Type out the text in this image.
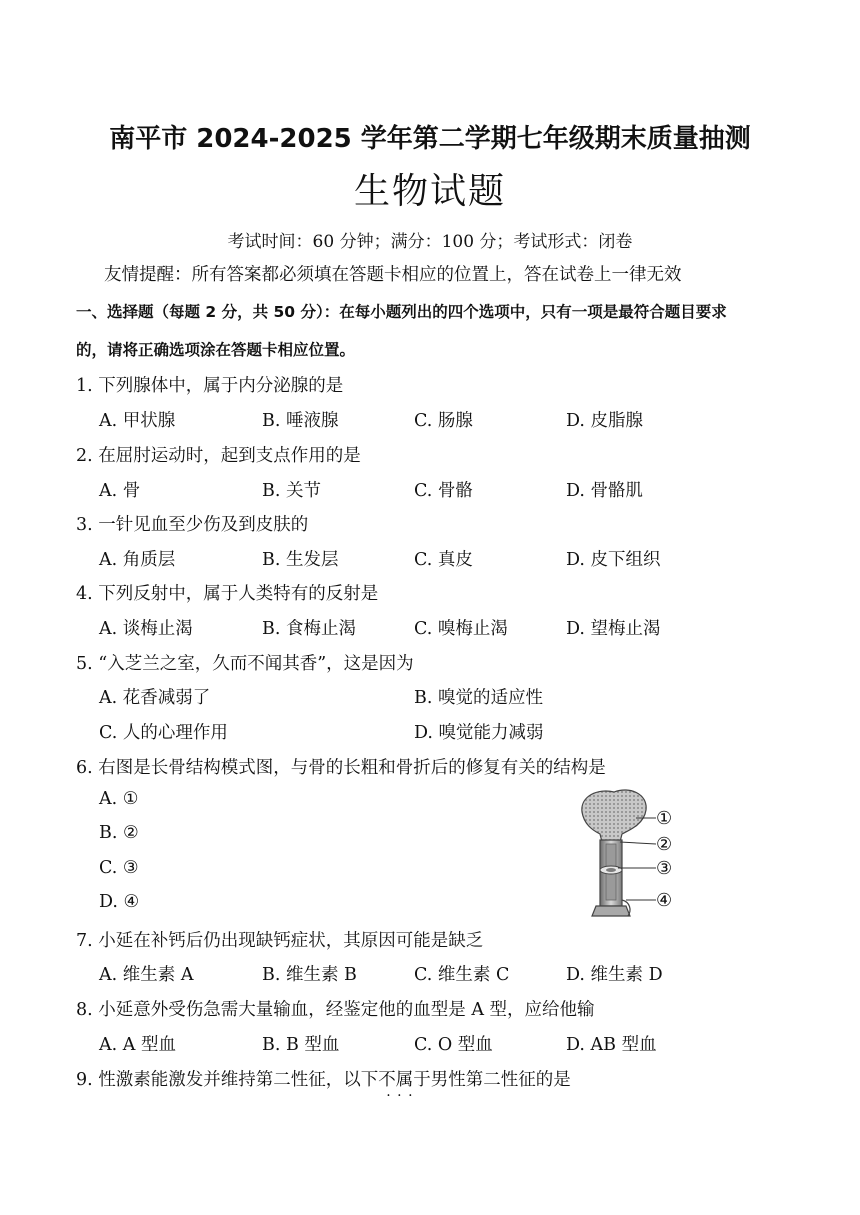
南平市 2024-2025 学年第二学期七年级期末质量抽测
生物试题
考试时间：60 分钟；满分：100 分；考试形式：闭卷
友情提醒：所有答案都必须填在答题卡相应的位置上，答在试卷上一律无效
一、选择题（每题 2 分，共 50 分）：在每小题列出的四个选项中，只有一项是最符合题目要求
的，请将正确选项涂在答题卡相应位置。
1. 下列腺体中，属于内分泌腺的是
A. 甲状腺	B. 唾液腺	C. 肠腺	D. 皮脂腺
2. 在屈肘运动时，起到支点作用的是
A. 骨	B. 关节	C. 骨骼	D. 骨骼肌
3. 一针见血至少伤及到皮肤的
A. 角质层	B. 生发层	C. 真皮	D. 皮下组织
4. 下列反射中，属于人类特有的反射是
A. 谈梅止渴	B. 食梅止渴	C. 嗅梅止渴	D. 望梅止渴
5. “入芝兰之室，久而不闻其香”，这是因为
A. 花香减弱了	B. 嗅觉的适应性
C. 人的心理作用	D. 嗅觉能力减弱
6. 右图是长骨结构模式图，与骨的长粗和骨折后的修复有关的结构是
A. ①
B. ②
C. ③
D. ④
①
②
③
④
7. 小延在补钙后仍出现缺钙症状，其原因可能是缺乏
A. 维生素 A	B. 维生素 B	C. 维生素 C	D. 维生素 D
8. 小延意外受伤急需大量输血，经鉴定他的血型是 A 型，应给他输
A. A 型血	B. B 型血	C. O 型血	D. AB 型血
9. 性激素能激发并维持第二性征，以下不属于 · · ·男性第二性征的是
